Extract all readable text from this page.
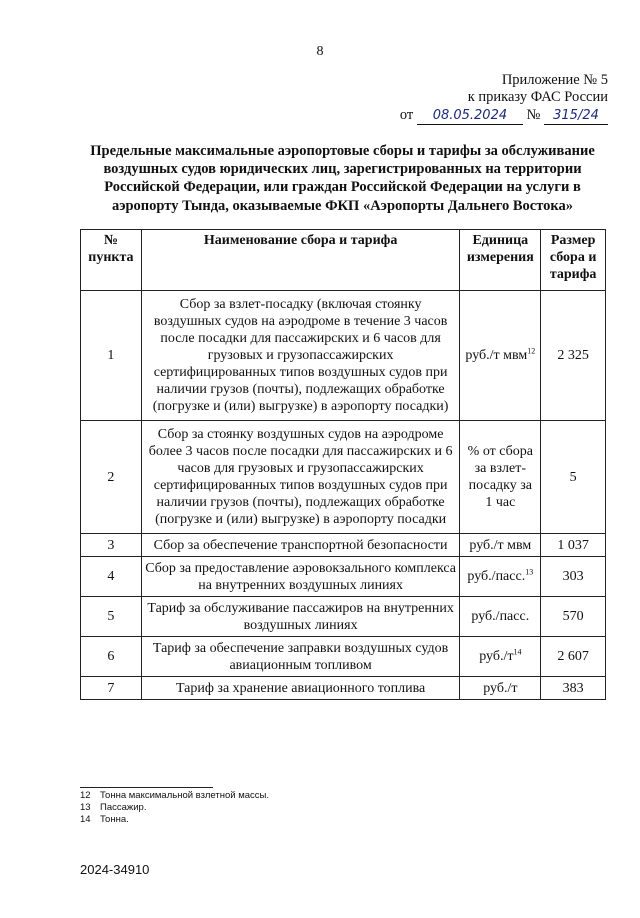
8
Приложение № 5
к приказу ФАС России
от 08.05.2024 № 315/24
Предельные максимальные аэропортовые сборы и тарифы за обслуживание воздушных судов юридических лиц, зарегистрированных на территории Российской Федерации, или граждан Российской Федерации на услуги в аэропорту Тында, оказываемые ФКП «Аэропорты Дальнего Востока»
№ пункта	Наименование сбора и тарифа	Единица измерения	Размер сбора и тарифа
1	Сбор за взлет-посадку (включая стоянку воздушных судов на аэродроме в течение 3 часов после посадки для пассажирских и 6 часов для грузовых и грузопассажирских сертифицированных типов воздушных судов при наличии грузов (почты), подлежащих обработке (погрузке и (или) выгрузке) в аэропорту посадки)	руб./т мвм$^{12}$	2 325
2	Сбор за стоянку воздушных судов на аэродроме более 3 часов после посадки для пассажирских и 6 часов для грузовых и грузопассажирских сертифицированных типов воздушных судов при наличии грузов (почты), подлежащих обработке (погрузке и (или) выгрузке) в аэропорту посадки	% от сбора за взлет-посадку за 1 час	5
3	Сбор за обеспечение транспортной безопасности	руб./т мвм	1 037
4	Сбор за предоставление аэровокзального комплекса на внутренних воздушных линиях	руб./пасс.$^{13}$	303
5	Тариф за обслуживание пассажиров на внутренних воздушных линиях	руб./пасс.	570
6	Тариф за обеспечение заправки воздушных судов авиационным топливом	$руб./т^{14}$	2 607
7	Тариф за хранение авиационного топлива	руб./т	383
12 Тонна максимальной взлетной массы.
13 Пассажир.
14 Тонна.
2024-34910
